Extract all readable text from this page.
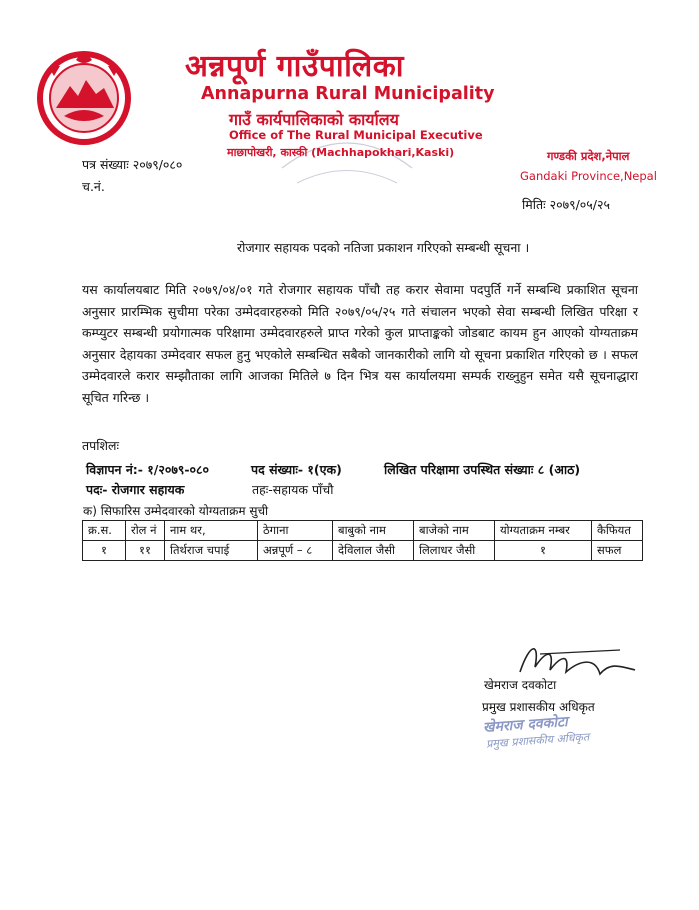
अन्नपूर्ण गाउँपालिका
Annapurna Rural Municipality
गाउँ कार्यपालिकाको कार्यालय
Office of The Rural Municipal Executive
माछापोखरी, कास्की (Machhapokhari,Kaski)
पत्र संख्याः २०७९/०८०
च.नं.
गण्डकी प्रदेश,नेपाल
Gandaki Province,Nepal
मितिः २०७९/०५/२५
रोजगार सहायक पदको नतिजा प्रकाशन गरिएको सम्बन्धी सूचना ।
यस कार्यालयबाट मिति २०७९/०४/०१ गते रोजगार सहायक पाँचौ तह करार सेवामा पदपुर्ति गर्ने सम्बन्धि प्रकाशित सूचना अनुसार प्रारम्भिक सुचीमा परेका उम्मेदवारहरुको मिति २०७९/०५/२५ गते संचालन भएको सेवा सम्बन्धी लिखित परिक्षा र कम्प्युटर सम्बन्धी प्रयोगात्मक परिक्षामा उम्मेदवारहरुले प्राप्त गरेको कुल प्राप्ताङ्कको जोडबाट कायम हुन आएको योग्यताक्रम अनुसार देहायका उम्मेदवार सफल हुनु भएकोले सम्बन्धित सबैको जानकारीको लागि यो सूचना प्रकाशित गरिएको छ । सफल उम्मेदवारले करार सम्झौताका लागि आजका मितिले ७ दिन भित्र यस कार्यालयमा सम्पर्क राख्नुहुन समेत यसै सूचनाद्धारा सूचित गरिन्छ ।
तपशिलः
विज्ञापन नं:- १/२०७९-०८०	पद संख्याः- १(एक)	लिखित परिक्षामा उपस्थित संख्याः ८ (आठ)
पदः- रोजगार सहायक	तहः-सहायक पाँचौ
क) सिफारिस उम्मेदवारको योग्यताक्रम सुची
क्र.स.	रोल नं	नाम थर,	ठेगाना	बाबुको नाम	बाजेको नाम	योग्यताक्रम नम्बर	कैफियत
१	११	तिर्थराज चपाई	अन्नपूर्ण – ८	देविलाल जैसी	लिलाधर जैसी	१	सफल
खेमराज दवकोटा
प्रमुख प्रशासकीय अधिकृत
खेमराज दवकोटा
प्रमुख प्रशासकीय अधिकृत
